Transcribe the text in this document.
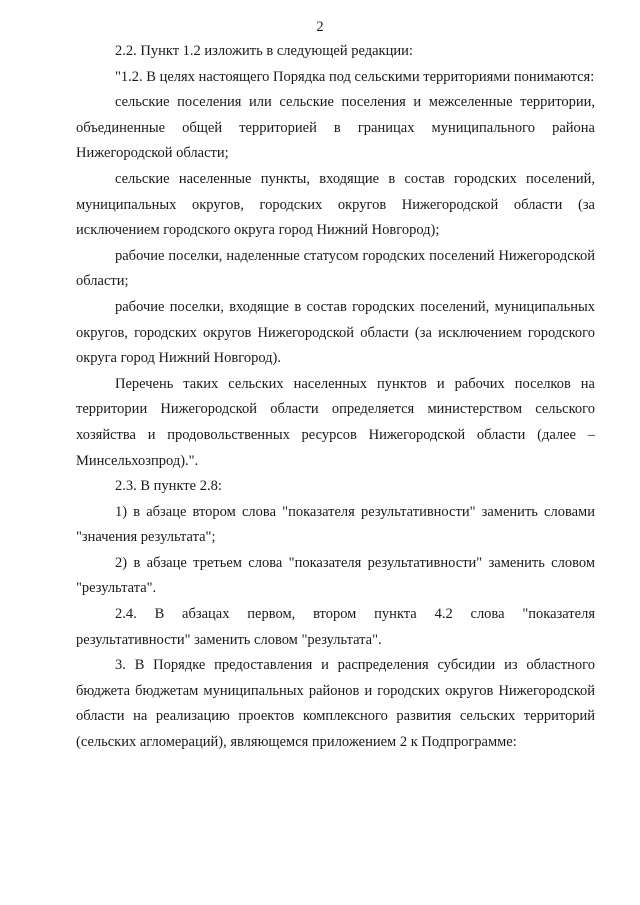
2

2.2. Пункт 1.2 изложить в следующей редакции:

"1.2. В целях настоящего Порядка под сельскими территориями понимаются:

сельские поселения или сельские поселения и межселенные территории, объединенные общей территорией в границах муниципального района Нижегородской области;

сельские населенные пункты, входящие в состав городских поселений, муниципальных округов, городских округов Нижегородской области (за исключением городского округа город Нижний Новгород);

рабочие поселки, наделенные статусом городских поселений Нижегородской области;

рабочие поселки, входящие в состав городских поселений, муниципальных округов, городских округов Нижегородской области (за исключением городского округа город Нижний Новгород).

Перечень таких сельских населенных пунктов и рабочих поселков на территории Нижегородской области определяется министерством сельского хозяйства и продовольственных ресурсов Нижегородской области (далее – Минсельхозпрод).".

2.3. В пункте 2.8:

1) в абзаце втором слова "показателя результативности" заменить словами "значения результата";

2) в абзаце третьем слова "показателя результативности" заменить словом "результата".

2.4. В абзацах первом, втором пункта 4.2 слова "показателя результативности" заменить словом "результата".

3. В Порядке предоставления и распределения субсидии из областного бюджета бюджетам муниципальных районов и городских округов Нижегородской области на реализацию проектов комплексного развития сельских территорий (сельских агломераций), являющемся приложением 2 к Подпрограмме:
